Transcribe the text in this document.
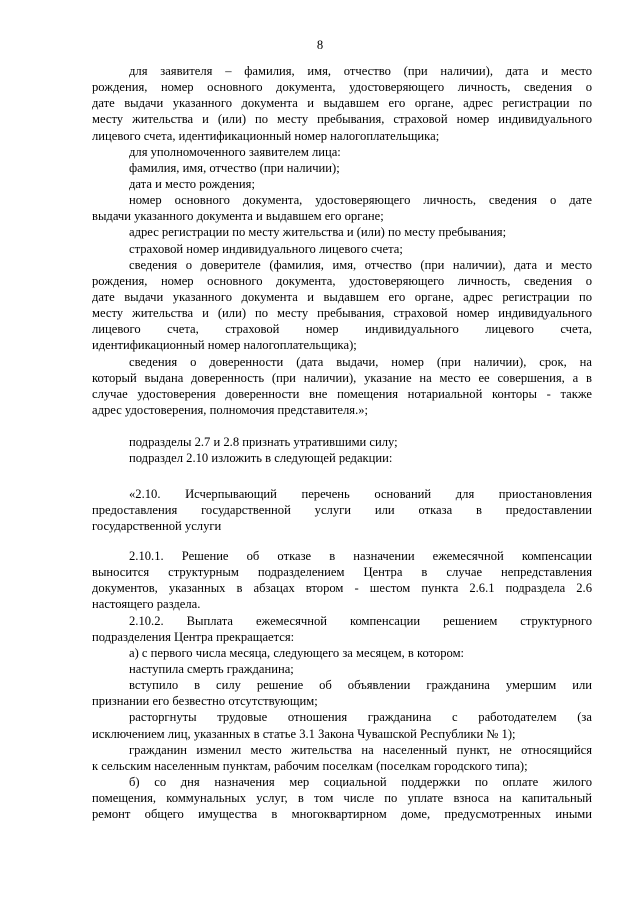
8
для заявителя – фамилия, имя, отчество (при наличии), дата и место
рождения, номер основного документа, удостоверяющего личность, сведения о
дате выдачи указанного документа и выдавшем его органе, адрес регистрации по
месту жительства и (или) по месту пребывания, страховой номер индивидуального
лицевого счета, идентификационный номер налогоплательщика;
для уполномоченного заявителем лица:
фамилия, имя, отчество (при наличии);
дата и место рождения;
номер основного документа, удостоверяющего личность, сведения о дате
выдачи указанного документа и выдавшем его органе;
адрес регистрации по месту жительства и (или) по месту пребывания;
страховой номер индивидуального лицевого счета;
сведения о доверителе (фамилия, имя, отчество (при наличии), дата и место
рождения, номер основного документа, удостоверяющего личность, сведения о
дате выдачи указанного документа и выдавшем его органе, адрес регистрации по
месту жительства и (или) по месту пребывания, страховой номер индивидуального
лицевого счета, страховой номер индивидуального лицевого счета,
идентификационный номер налогоплательщика);
сведения о доверенности (дата выдачи, номер (при наличии), срок, на
который выдана доверенность (при наличии), указание на место ее совершения, а в
случае удостоверения доверенности вне помещения нотариальной конторы - также
адрес удостоверения, полномочия представителя.»;
подразделы 2.7 и 2.8 признать утратившими силу;
подраздел 2.10 изложить в следующей редакции:
«2.10. Исчерпывающий перечень оснований для приостановления
предоставления государственной услуги или отказа в предоставлении
государственной услуги
2.10.1. Решение об отказе в назначении ежемесячной компенсации
выносится структурным подразделением Центра в случае непредставления
документов, указанных в абзацах втором - шестом пункта 2.6.1 подраздела 2.6
настоящего раздела.
2.10.2. Выплата ежемесячной компенсации решением структурного
подразделения Центра прекращается:
а) с первого числа месяца, следующего за месяцем, в котором:
наступила смерть гражданина;
вступило в силу решение об объявлении гражданина умершим или
признании его безвестно отсутствующим;
расторгнуты трудовые отношения гражданина с работодателем (за
исключением лиц, указанных в статье 3.1 Закона Чувашской Республики № 1);
гражданин изменил место жительства на населенный пункт, не относящийся
к сельским населенным пунктам, рабочим поселкам (поселкам городского типа);
б) со дня назначения мер социальной поддержки по оплате жилого
помещения, коммунальных услуг, в том числе по уплате взноса на капитальный
ремонт общего имущества в многоквартирном доме, предусмотренных иными
